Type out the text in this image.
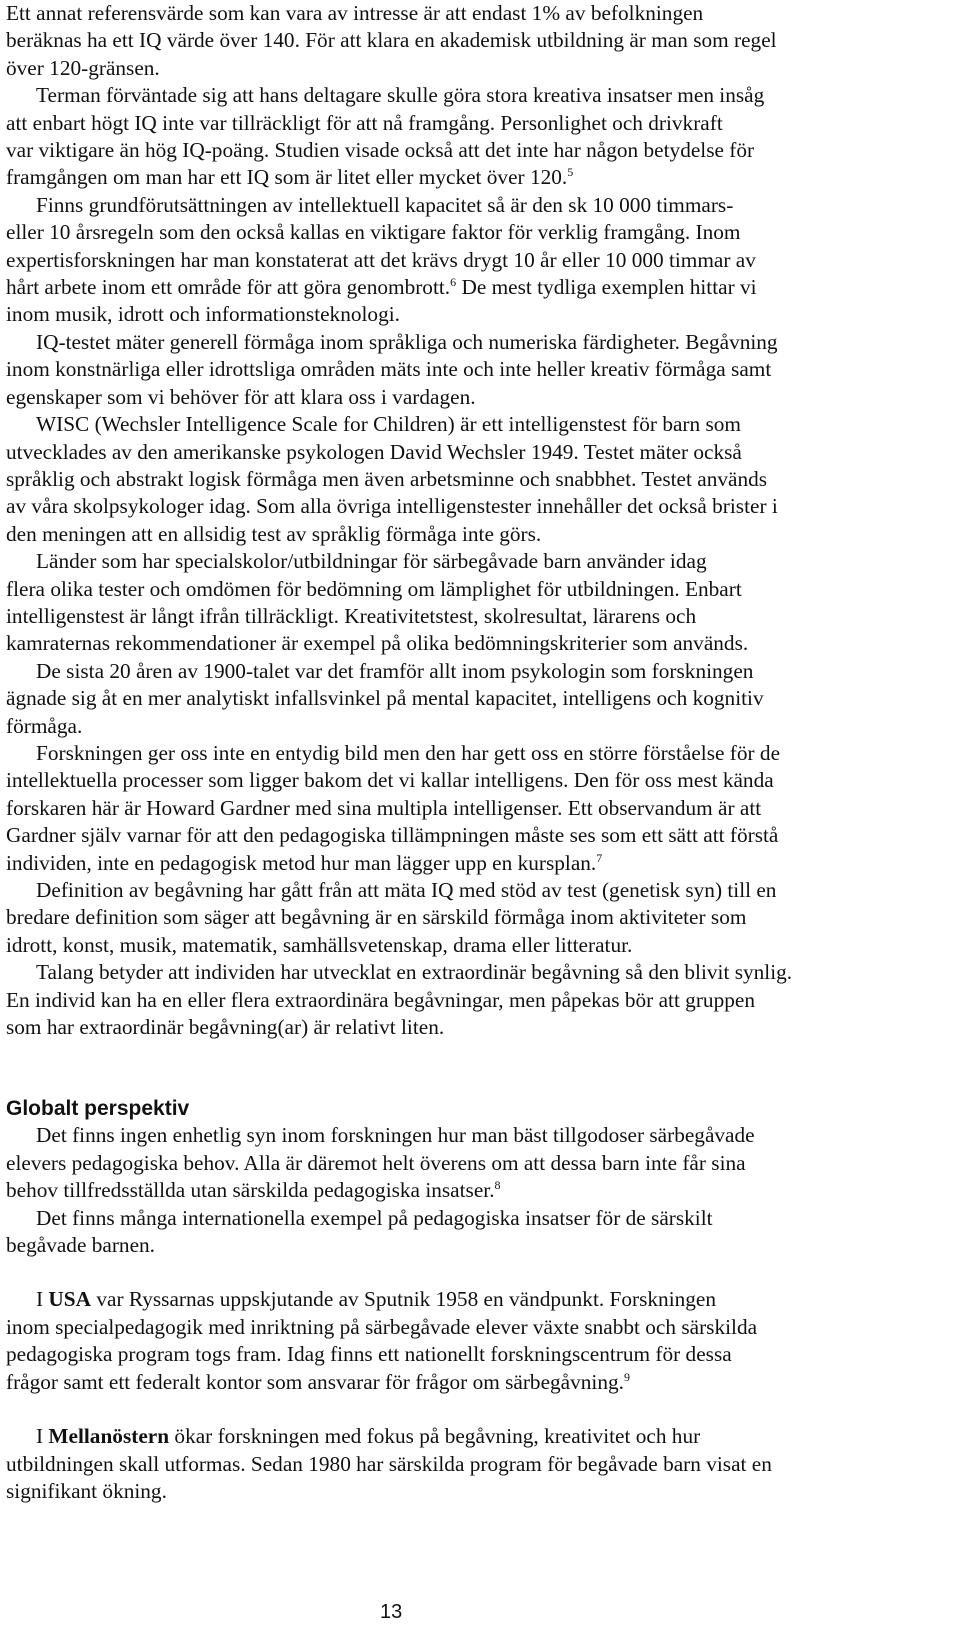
Ett annat referensvärde som kan vara av intresse är att endast 1% av befolkningen
beräknas ha ett IQ värde över 140. För att klara en akademisk utbildning är man som regel
över 120-gränsen.

Terman förväntade sig att hans deltagare skulle göra stora kreativa insatser men insåg
att enbart högt IQ inte var tillräckligt för att nå framgång. Personlighet och drivkraft
var viktigare än hög IQ-poäng. Studien visade också att det inte har någon betydelse för
framgången om man har ett IQ som är litet eller mycket över 120.$^5$

Finns grundförutsättningen av intellektuell kapacitet så är den sk 10 000 timmars-
eller 10 årsregeln som den också kallas en viktigare faktor för verklig framgång. Inom
expertisforskningen har man konstaterat att det krävs drygt 10 år eller 10 000 timmar av
hårt arbete inom ett område för att göra genombrott.$^6$ De mest tydliga exemplen hittar vi
inom musik, idrott och informationsteknologi.

IQ-testet mäter generell förmåga inom språkliga och numeriska färdigheter. Begåvning
inom konstnärliga eller idrottsliga områden mäts inte och inte heller kreativ förmåga samt
egenskaper som vi behöver för att klara oss i vardagen.

WISC (Wechsler Intelligence Scale for Children) är ett intelligenstest för barn som
utvecklades av den amerikanske psykologen David Wechsler 1949. Testet mäter också
språklig och abstrakt logisk förmåga men även arbetsminne och snabbhet. Testet används
av våra skolpsykologer idag. Som alla övriga intelligenstester innehåller det också brister i
den meningen att en allsidig test av språklig förmåga inte görs.

Länder som har specialskolor/utbildningar för särbegåvade barn använder idag
flera olika tester och omdömen för bedömning om lämplighet för utbildningen. Enbart
intelligenstest är långt ifrån tillräckligt. Kreativitetstest, skolresultat, lärarens och
kamraternas rekommendationer är exempel på olika bedömningskriterier som används.

De sista 20 åren av 1900-talet var det framför allt inom psykologin som forskningen
ägnade sig åt en mer analytiskt infallsvinkel på mental kapacitet, intelligens och kognitiv
förmåga.

Forskningen ger oss inte en entydig bild men den har gett oss en större förståelse för de
intellektuella processer som ligger bakom det vi kallar intelligens. Den för oss mest kända
forskaren här är Howard Gardner med sina multipla intelligenser. Ett observandum är att
Gardner själv varnar för att den pedagogiska tillämpningen måste ses som ett sätt att förstå
individen, inte en pedagogisk metod hur man lägger upp en kursplan.$^7$

Definition av begåvning har gått från att mäta IQ med stöd av test (genetisk syn) till en
bredare definition som säger att begåvning är en särskild förmåga inom aktiviteter som
idrott, konst, musik, matematik, samhällsvetenskap, drama eller litteratur.

Talang betyder att individen har utvecklat en extraordinär begåvning så den blivit synlig.
En individ kan ha en eller flera extraordinära begåvningar, men påpekas bör att gruppen
som har extraordinär begåvning(ar) är relativt liten.

Globalt perspektiv

Det finns ingen enhetlig syn inom forskningen hur man bäst tillgodoser särbegåvade
elevers pedagogiska behov. Alla är däremot helt överens om att dessa barn inte får sina
behov tillfredsställda utan särskilda pedagogiska insatser.$^8$

Det finns många internationella exempel på pedagogiska insatser för de särskilt
begåvade barnen.

I USA var Ryssarnas uppskjutande av Sputnik 1958 en vändpunkt. Forskningen
inom specialpedagogik med inriktning på särbegåvade elever växte snabbt och särskilda
pedagogiska program togs fram. Idag finns ett nationellt forskningscentrum för dessa
frågor samt ett federalt kontor som ansvarar för frågor om särbegåvning.$^9$

I Mellanöstern ökar forskningen med fokus på begåvning, kreativitet och hur
utbildningen skall utformas. Sedan 1980 har särskilda program för begåvade barn visat en
signifikant ökning.

13
